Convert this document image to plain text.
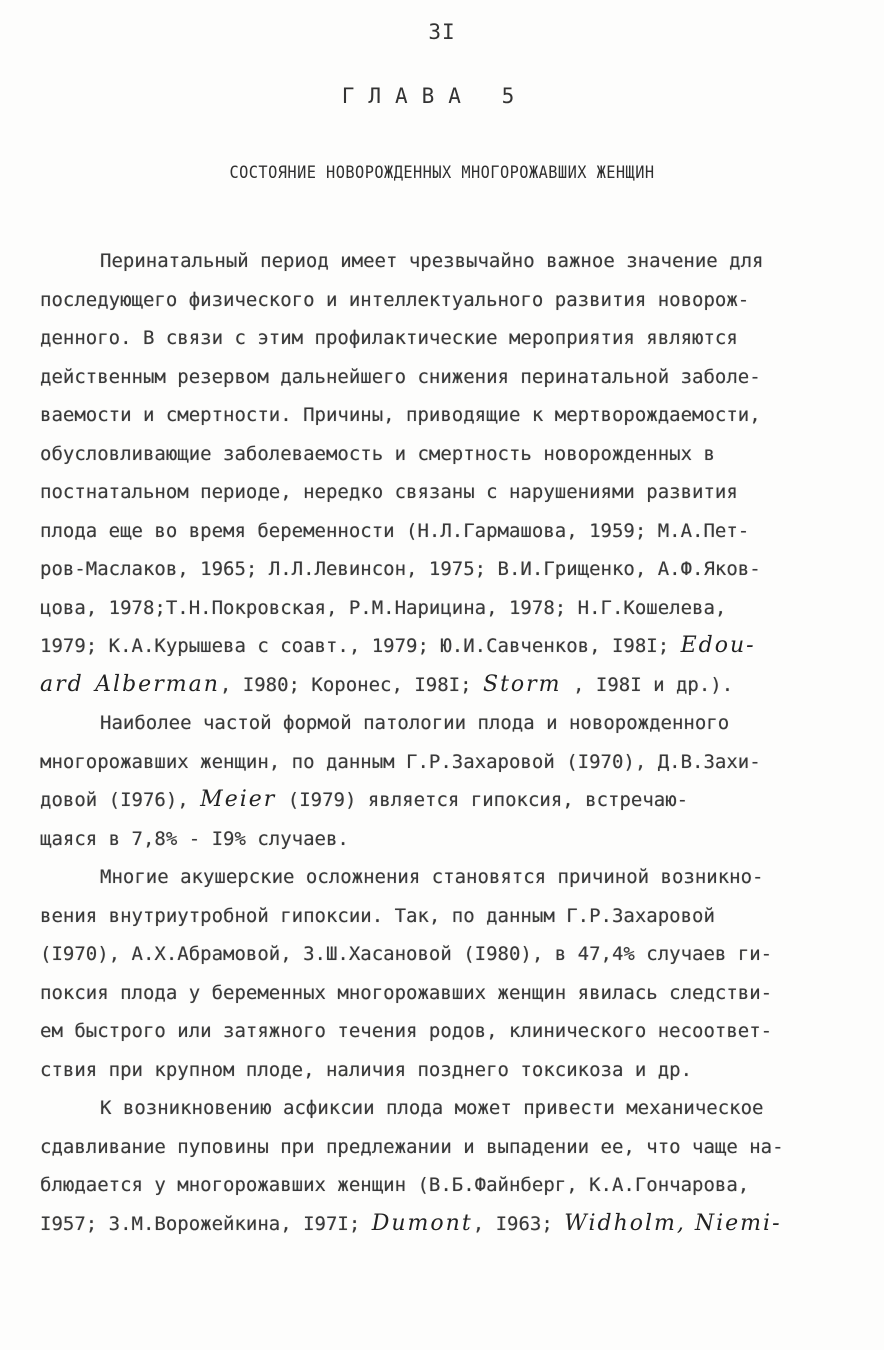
3I
ГЛАВА 5
СОСТОЯНИЕ НОВОРОЖДЕННЫХ МНОГОРОЖАВШИХ ЖЕНЩИН
Перинатальный период имеет чрезвычайно важное значение для
последующего физического и интеллектуального развития новорож-
денного. В связи с этим профилактические мероприятия являются
действенным резервом дальнейшего снижения перинатальной заболе-
ваемости и смертности. Причины, приводящие к мертворождаемости,
обусловливающие заболеваемость и смертность новорожденных в
постнатальном периоде, нередко связаны с нарушениями развития
плода еще во время беременности (Н.Л.Гармашова, 1959; М.А.Пет-
ров-Маслаков, 1965; Л.Л.Левинсон, 1975; В.И.Грищенко, А.Ф.Яков-
цова, 1978;Т.Н.Покровская, Р.М.Нарицина, 1978; Н.Г.Кошелева,
1979; К.А.Курышева с соавт., 1979; Ю.И.Савченков, I98I; Edou-
ard Alberman, I980; Коронес, I98I; Storm , I98I и др.).
Наиболее частой формой патологии плода и новорожденного
многорожавших женщин, по данным Г.Р.Захаровой (I970), Д.В.Захи-
довой (I976), Meier (I979) является гипоксия, встречаю-
щаяся в 7,8% - I9% случаев.
Многие акушерские осложнения становятся причиной возникно-
вения внутриутробной гипоксии. Так, по данным Г.Р.Захаровой
(I970), А.Х.Абрамовой, З.Ш.Хасановой (I980), в 47,4% случаев ги-
поксия плода у беременных многорожавших женщин явилась следстви-
ем быстрого или затяжного течения родов, клинического несоответ-
ствия при крупном плоде, наличия позднего токсикоза и др.
К возникновению асфиксии плода может привести механическое
сдавливание пуповины при предлежании и выпадении ее, что чаще на-
блюдается у многорожавших женщин (В.Б.Файнберг, К.А.Гончарова,
I957; З.М.Ворожейкина, I97I; Dumont, I963; Widholm, Niemi-
